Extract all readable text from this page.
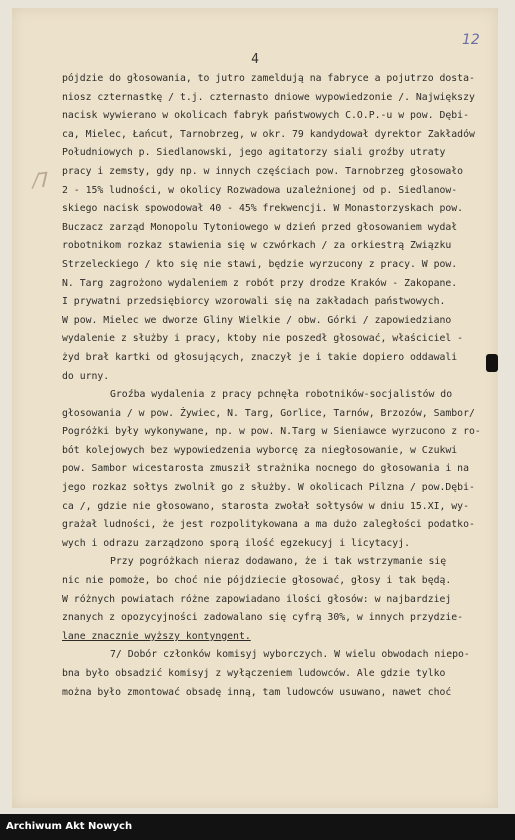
12
⁄7
4
pójdzie do głosowania, to jutro zameldują na fabryce a pojutrzo dosta-
niosz czternastkę / t.j. czternasto dniowe wypowiedzonie /. Największy
nacisk wywierano w okolicach fabryk państwowych C.O.P.-u w pow. Dębi-
ca, Mielec, Łańcut, Tarnobrzeg, w okr. 79 kandydował dyrektor Zakładów
Południowych p. Siedlanowski, jego agitatorzy siali groźby utraty
pracy i zemsty, gdy np. w innych częściach pow. Tarnobrzeg głosowało
2 - 15% ludności, w okolicy Rozwadowa uzależnionej od p. Siedlanow-
skiego nacisk spowodował 40 - 45% frekwencji. W Monastorzyskach pow.
Buczacz zarząd Monopolu Tytoniowego w dzień przed głosowaniem wydał
robotnikom rozkaz stawienia się w czwórkach / za orkiestrą Związku
Strzeleckiego / kto się nie stawi, będzie wyrzucony z pracy. W pow.
N. Targ zagrożono wydaleniem z robót przy drodze Kraków - Zakopane.
I prywatni przedsiębiorcy wzorowali się na zakładach państwowych.
W pow. Mielec we dworze Gliny Wielkie / obw. Górki / zapowiedziano
wydalenie z służby i pracy, ktoby nie poszedł głosować, właściciel -
żyd brał kartki od głosujących, znaczył je i takie dopiero oddawali
do urny.
Groźba wydalenia z pracy pchnęła robotników-socjalistów do
głosowania / w pow. Żywiec, N. Targ, Gorlice, Tarnów, Brzozów, Sambor/
Pogróżki były wykonywane, np. w pow. N.Targ w Sieniawce wyrzucono z ro-
bót kolejowych bez wypowiedzenia wyborcę za niegłosowanie, w Czukwi
pow. Sambor wicestarosta zmusził strażnika nocnego do głosowania i na
jego rozkaz sołtys zwolnił go z służby. W okolicach Pilzna / pow.Dębi-
ca /, gdzie nie głosowano, starosta zwołał sołtysów w dniu 15.XI, wy-
grażał ludności, że jest rozpolitykowana a ma dużo zaległości podatko-
wych i odrazu zarządzono sporą ilość egzekucyj i licytacyj.
Przy pogróżkach nieraz dodawano, że i tak wstrzymanie się
nic nie pomoże, bo choć nie pójdziecie głosować, głosy i tak będą.
W różnych powiatach różne zapowiadano ilości głosów: w najbardziej
znanych z opozycyjności zadowalano się cyfrą 30%, w innych przydzie-
lane znacznie wyższy kontyngent.
7/ Dobór członków komisyj wyborczych. W wielu obwodach niepo-
bna było obsadzić komisyj z wyłączeniem ludowców. Ale gdzie tylko
można było zmontować obsadę inną, tam ludowców usuwano, nawet choć
Archiwum Akt Nowych
